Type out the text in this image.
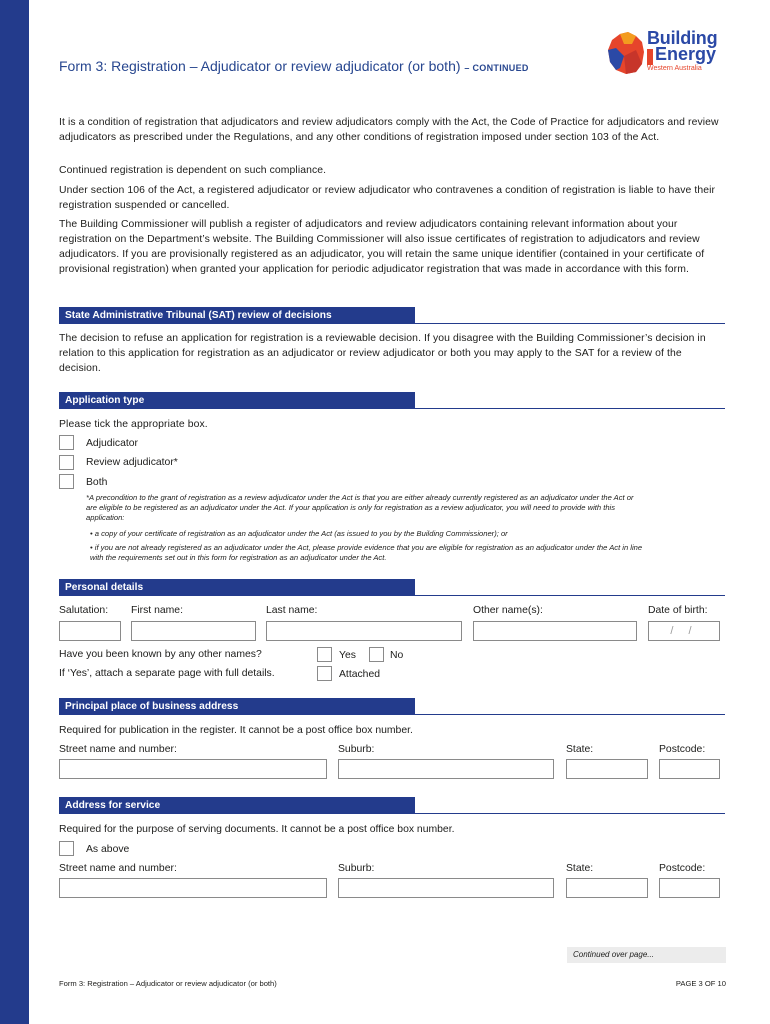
Form 3: Registration – Adjudicator or review adjudicator (or both) – CONTINUED
Building
Energy
Western Australia

It is a condition of registration that adjudicators and review adjudicators comply with the Act, the Code of Practice for adjudicators and review adjudicators as prescribed under the Regulations, and any other conditions of registration imposed under section 103 of the Act.

Continued registration is dependent on such compliance.

Under section 106 of the Act, a registered adjudicator or review adjudicator who contravenes a condition of registration is liable to have their registration suspended or cancelled.

The Building Commissioner will publish a register of adjudicators and review adjudicators containing relevant information about your registration on the Department’s website. The Building Commissioner will also issue certificates of registration to adjudicators and review adjudicators. If you are provisionally registered as an adjudicator, you will retain the same unique identifier (contained in your certificate of provisional registration) when granted your application for periodic adjudicator registration that was made in accordance with this form.

State Administrative Tribunal (SAT) review of decisions

The decision to refuse an application for registration is a reviewable decision. If you disagree with the Building Commissioner’s decision in relation to this application for registration as an adjudicator or review adjudicator or both you may apply to the SAT for a review of the decision.

Application type

Please tick the appropriate box.

Adjudicator
Review adjudicator*
Both

*A precondition to the grant of registration as a review adjudicator under the Act is that you are either already currently registered as an adjudicator under the Act or are eligible to be registered as an adjudicator under the Act. If your application is only for registration as a review adjudicator, you will need to provide with this application:

• a copy of your certificate of registration as an adjudicator under the Act (as issued to you by the Building Commissioner); or

• if you are not already registered as an adjudicator under the Act, please provide evidence that you are eligible for registration as an adjudicator under the Act in line with the requirements set out in this form for registration as an adjudicator under the Act.

Personal details
Salutation: First name:	Last name:	Other name(s):	Date of birth:
/ /
Have you been known by any other names?	Yes	No
If ‘Yes’, attach a separate page with full details.	Attached
Principal place of business address
Required for publication in the register. It cannot be a post office box number.
Street name and number:	Suburb:	State:	Postcode:
Address for service
Required for the purpose of serving documents. It cannot be a post office box number.
As above
Street name and number:	Suburb:	State:	Postcode:
Continued over page...
Form 3: Registration – Adjudicator or review adjudicator (or both)	PAGE 3 OF 10
